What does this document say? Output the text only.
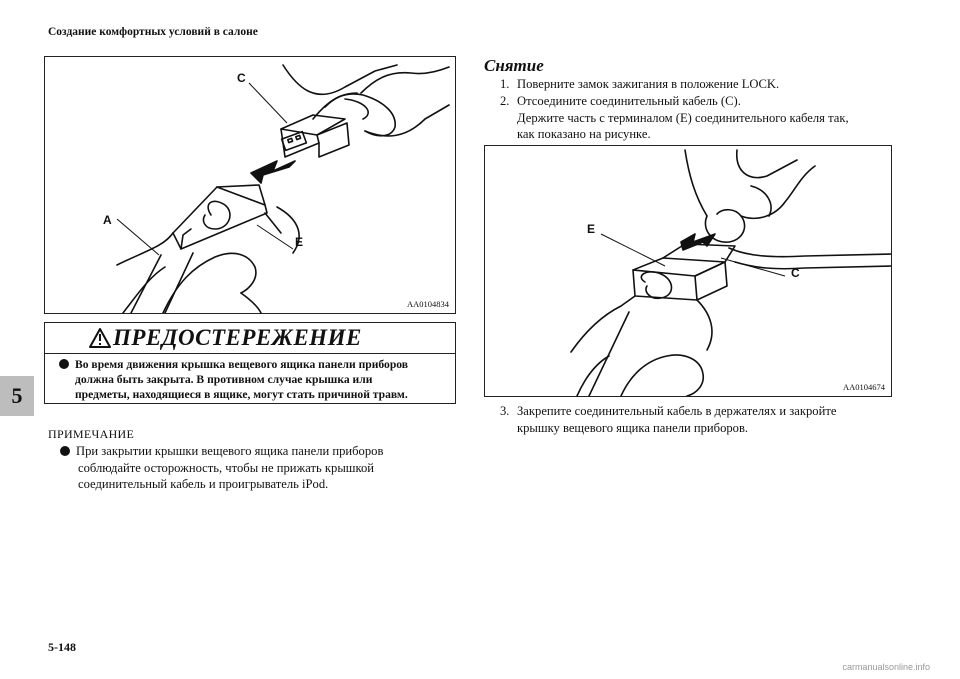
Создание комфортных условий в салоне
5
5-148
C
A
E
AA0104834
ПРЕДОСТЕРЕЖЕНИЕ
Во время движения крышка вещевого ящика панели приборов
должна быть закрыта. В противном случае крышка или
предметы, находящиеся в ящике, могут стать причиной травм.
ПРИМЕЧАНИЕ
При закрытии крышки вещевого ящика панели приборов
соблюдайте осторожность, чтобы не прижать крышкой
соединительный кабель и проигрыватель iPod.
Снятие
1. Поверните замок зажигания в положение LOCK.
2. Отсоедините соединительный кабель (C).
Держите часть с терминалом (E) соединительного кабеля так,
как показано на рисунке.
E
C
AA0104674
3. Закрепите соединительный кабель в держателях и закройте
крышку вещевого ящика панели приборов.
carmanualsonline.info
